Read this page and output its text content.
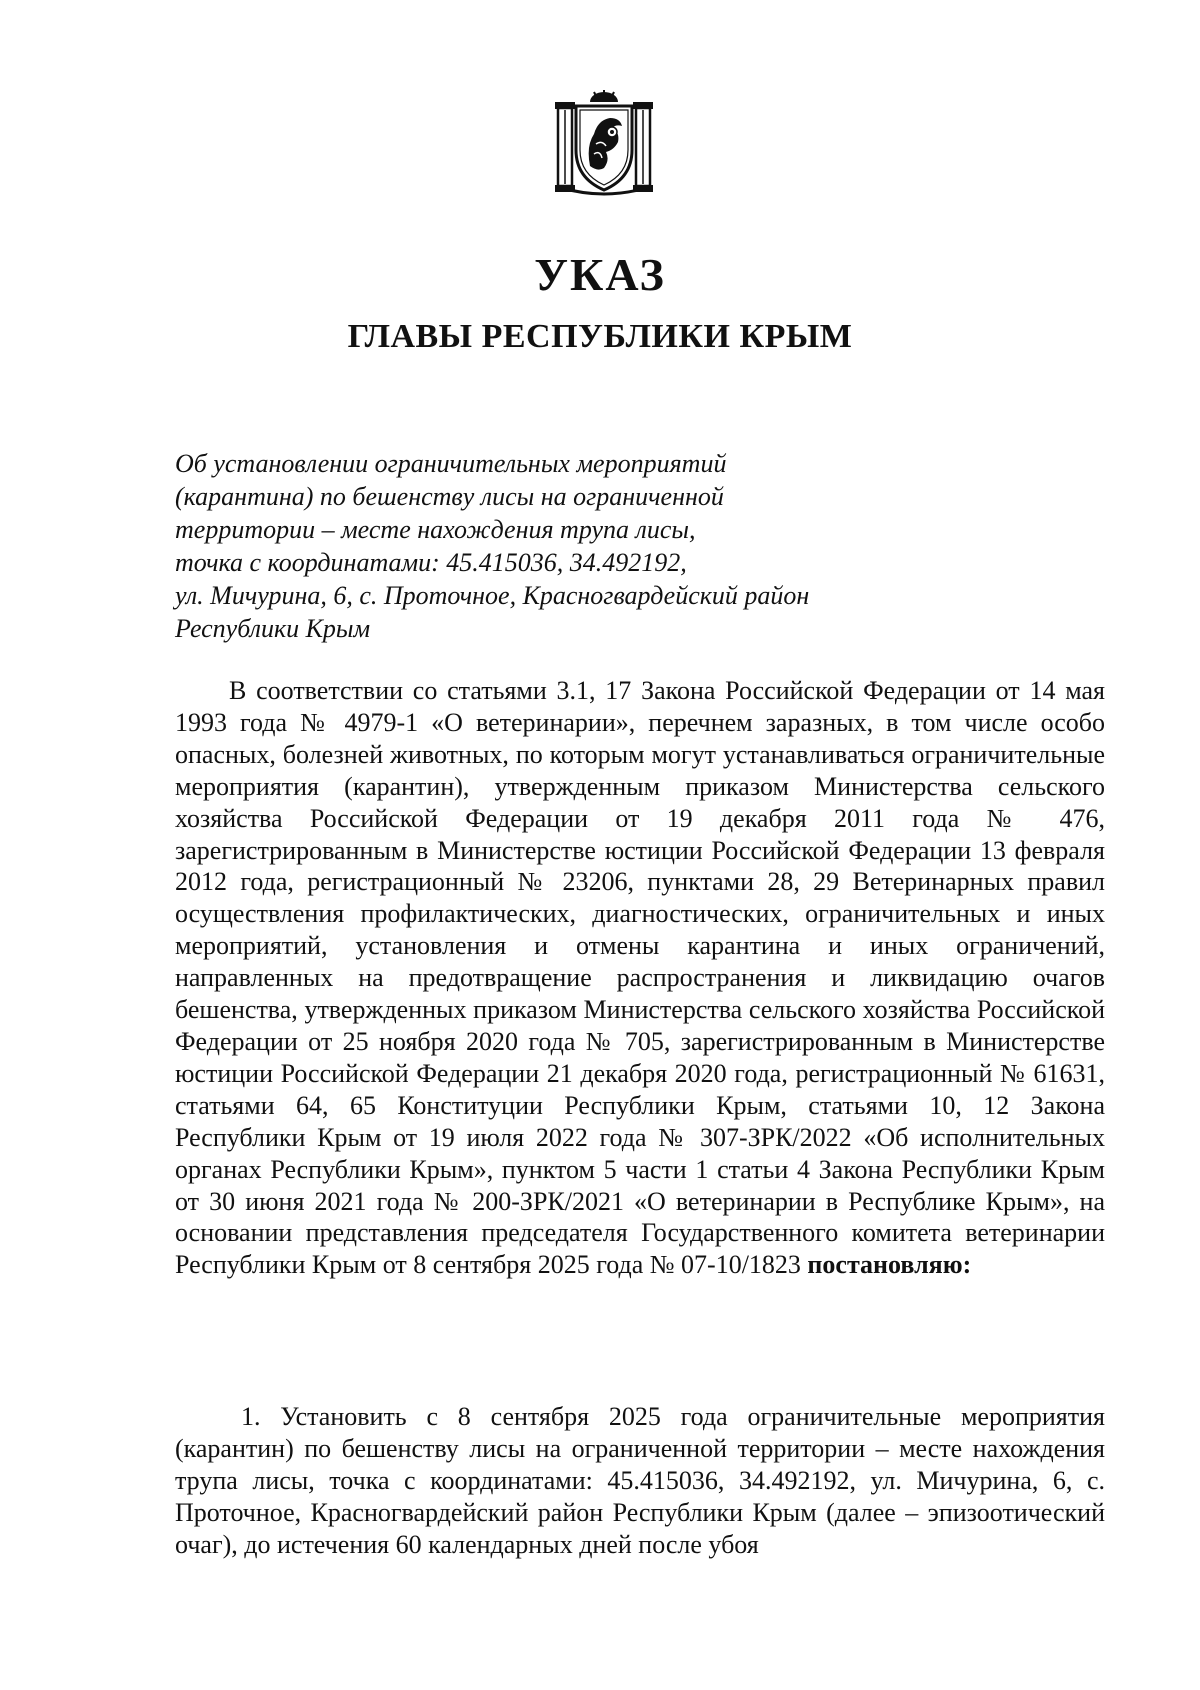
УКАЗ
ГЛАВЫ РЕСПУБЛИКИ КРЫМ
Об установлении ограничительных мероприятий
(карантина) по бешенству лисы на ограниченной
территории – месте нахождения трупа лисы,
точка с координатами: 45.415036, 34.492192,
ул. Мичурина, 6, с. Проточное, Красногвардейский район
Республики Крым

В соответствии со статьями 3.1, 17 Закона Российской Федерации от 14 мая 1993 года № 4979-1 «О ветеринарии», перечнем заразных, в том числе особо опасных, болезней животных, по которым могут устанавливаться ограничительные мероприятия (карантин), утвержденным приказом Министерства сельского хозяйства Российской Федерации от 19 декабря 2011 года № 476, зарегистрированным в Министерстве юстиции Российской Федерации 13 февраля 2012 года, регистрационный № 23206, пунктами 28, 29 Ветеринарных правил осуществления профилактических, диагностических, ограничительных и иных мероприятий, установления и отмены карантина и иных ограничений, направленных на предотвращение распространения и ликвидацию очагов бешенства, утвержденных приказом Министерства сельского хозяйства Российской Федерации от 25 ноября 2020 года № 705, зарегистрированным в Министерстве юстиции Российской Федерации 21 декабря 2020 года, регистрационный № 61631, статьями 64, 65 Конституции Республики Крым, статьями 10, 12 Закона Республики Крым от 19 июля 2022 года № 307-ЗРК/2022 «Об исполнительных органах Республики Крым», пунктом 5 части 1 статьи 4 Закона Республики Крым от 30 июня 2021 года № 200-ЗРК/2021 «О ветеринарии в Республике Крым», на основании представления председателя Государственного комитета ветеринарии Республики Крым от 8 сентября 2025 года № 07-10/1823 постановляю:

1. Установить с 8 сентября 2025 года ограничительные мероприятия (карантин) по бешенству лисы на ограниченной территории – месте нахождения трупа лисы, точка с координатами: 45.415036, 34.492192, ул. Мичурина, 6, с. Проточное, Красногвардейский район Республики Крым (далее – эпизоотический очаг), до истечения 60 календарных дней после убоя
